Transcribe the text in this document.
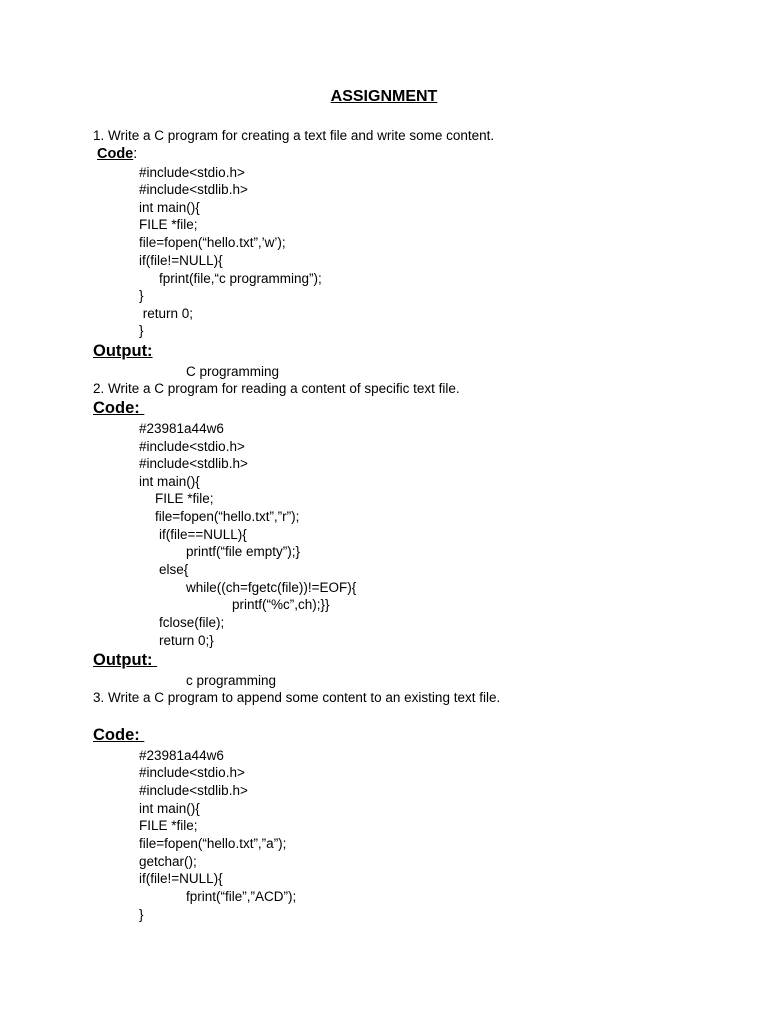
ASSIGNMENT
1. Write a C program for creating a text file and write some content.
Code:
#include<stdio.h>
#include<stdlib.h>
int main(){
FILE *file;
file=fopen(“hello.txt”,’w’);
if(file!=NULL){
fprint(file,“c programming”);
}
return 0;
}
Output:
C programming
2. Write a C program for reading a content of specific text file.
Code:
#23981a44w6
#include<stdio.h>
#include<stdlib.h>
int main(){
FILE *file;
file=fopen(“hello.txt”,”r”);
if(file==NULL){
printf(“file empty”);}
else{
while((ch=fgetc(file))!=EOF){
printf(“%c”,ch);}}
fclose(file);
return 0;}
Output:
c programming
3. Write a C program to append some content to an existing text file.
Code:
#23981a44w6
#include<stdio.h>
#include<stdlib.h>
int main(){
FILE *file;
file=fopen(“hello.txt”,”a”);
getchar();
if(file!=NULL){
fprint(“file”,”ACD”);
}
